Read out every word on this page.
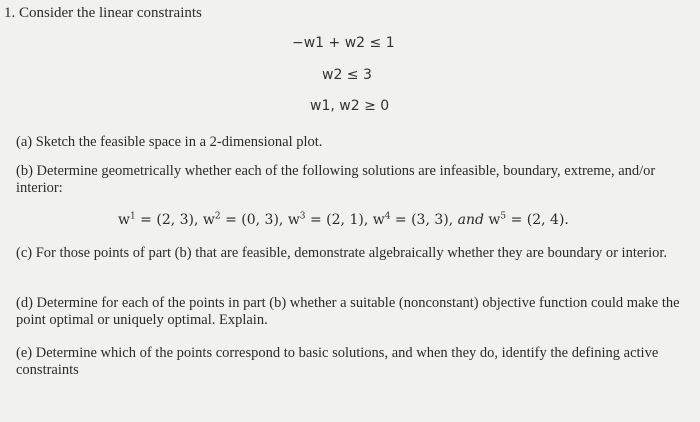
1. Consider the linear constraints
−w1 + w2 ≤ 1
w2 ≤ 3
w1, w2 ≥ 0
(a) Sketch the feasible space in a 2-dimensional plot.
(b) Determine geometrically whether each of the following solutions are infeasible, boundary, extreme, and/or interior:
$w^1 = (2$, 3), $w^2 = (0$, 3), $w^3 = (2$, 1), $w^4 = (3$, 3), and $w^5 = (2$, 4).
(c) For those points of part (b) that are feasible, demonstrate algebraically whether they are boundary or interior.
(d) Determine for each of the points in part (b) whether a suitable (nonconstant) objective function could make the point optimal or uniquely optimal. Explain.
(e) Determine which of the points correspond to basic solutions, and when they do, identify the defining active constraints
